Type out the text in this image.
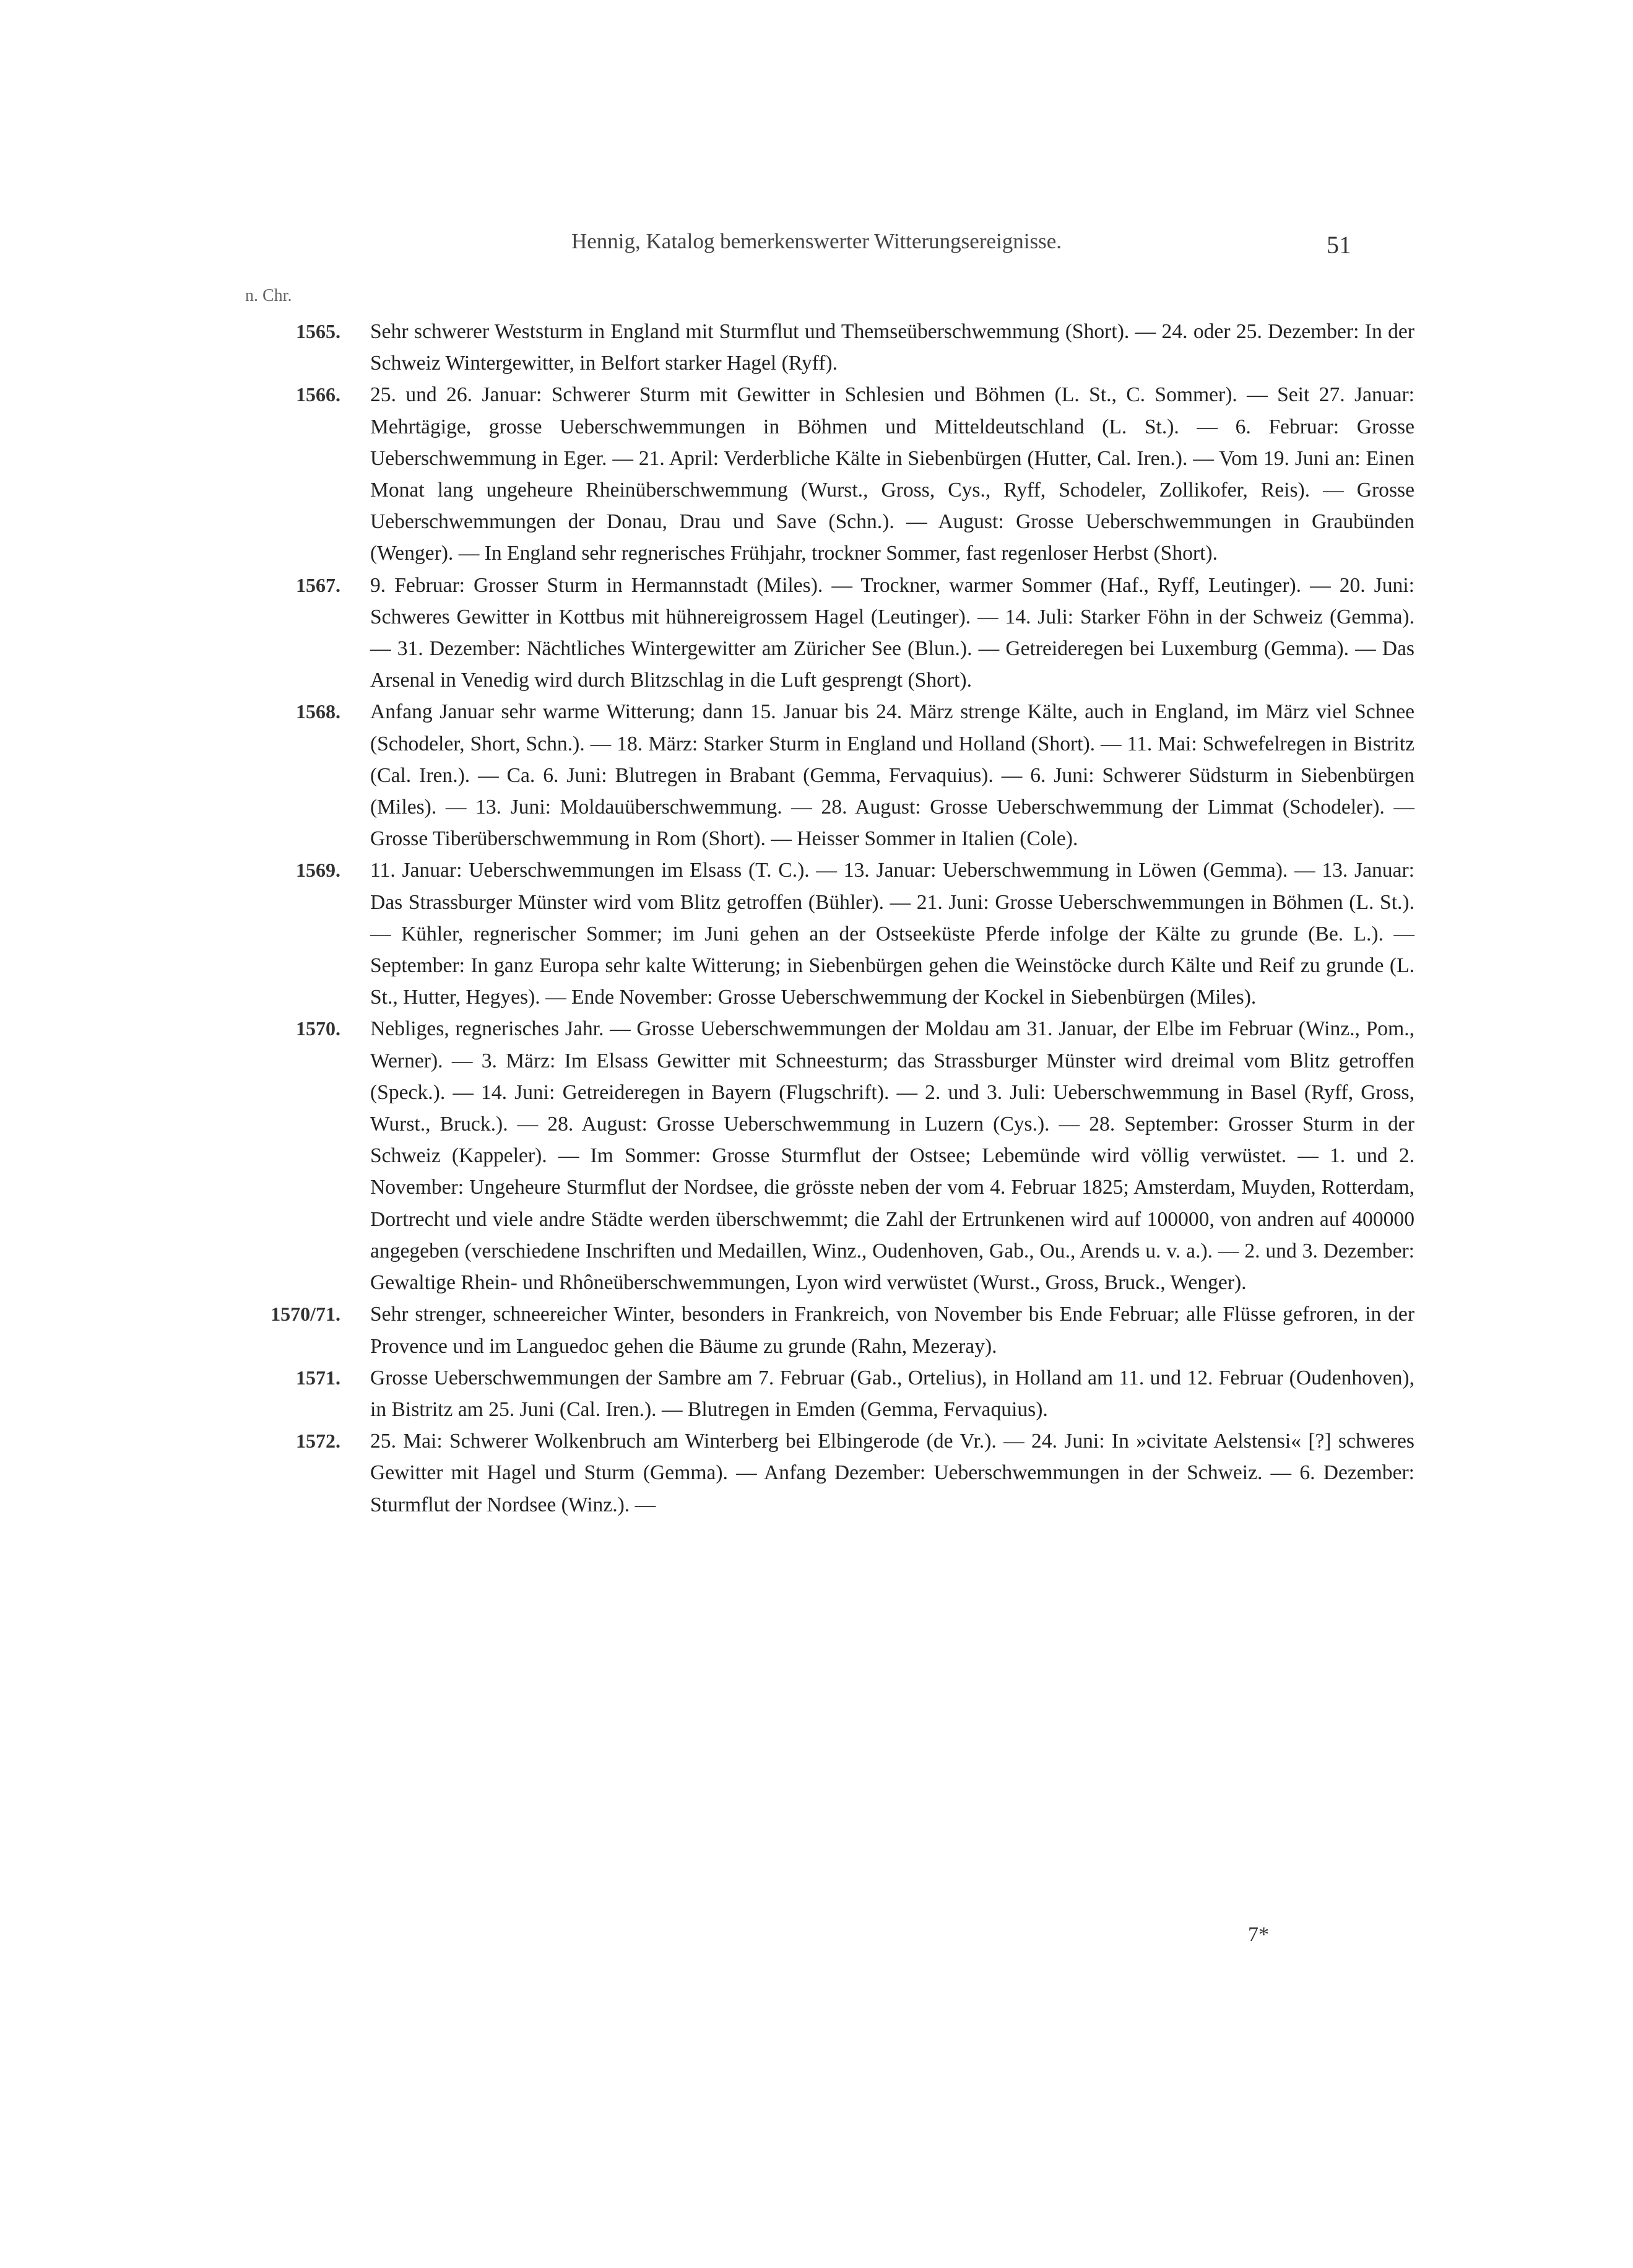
Hennig, Katalog bemerkenswerter Witterungsereignisse.	51
n. Chr.
1565. Sehr schwerer Weststurm in England mit Sturmflut und Themseüberschwemmung (Short). — 24. oder 25. Dezember: In der Schweiz Wintergewitter, in Belfort starker Hagel (Ryff).

1566. 25. und 26. Januar: Schwerer Sturm mit Gewitter in Schlesien und Böhmen (L. St., C. Sommer). — Seit 27. Januar: Mehrtägige, grosse Ueberschwemmungen in Böhmen und Mitteldeutschland (L. St.). — 6. Februar: Grosse Ueberschwemmung in Eger. — 21. April: Verderbliche Kälte in Siebenbürgen (Hutter, Cal. Iren.). — Vom 19. Juni an: Einen Monat lang ungeheure Rheinüberschwemmung (Wurst., Gross, Cys., Ryff, Schodeler, Zollikofer, Reis). — Grosse Ueberschwemmungen der Donau, Drau und Save (Schn.). — August: Grosse Ueberschwemmungen in Graubünden (Wenger). — In England sehr regnerisches Frühjahr, trockner Sommer, fast regenloser Herbst (Short).

1567. 9. Februar: Grosser Sturm in Hermannstadt (Miles). — Trockner, warmer Sommer (Haf., Ryff, Leutinger). — 20. Juni: Schweres Gewitter in Kottbus mit hühnereigrossem Hagel (Leutinger). — 14. Juli: Starker Föhn in der Schweiz (Gemma). — 31. Dezember: Nächtliches Wintergewitter am Züricher See (Blun.). — Getreideregen bei Luxemburg (Gemma). — Das Arsenal in Venedig wird durch Blitzschlag in die Luft gesprengt (Short).

1568. Anfang Januar sehr warme Witterung; dann 15. Januar bis 24. März strenge Kälte, auch in England, im März viel Schnee (Schodeler, Short, Schn.). — 18. März: Starker Sturm in England und Holland (Short). — 11. Mai: Schwefelregen in Bistritz (Cal. Iren.). — Ca. 6. Juni: Blutregen in Brabant (Gemma, Fervaquius). — 6. Juni: Schwerer Südsturm in Siebenbürgen (Miles). — 13. Juni: Moldauüberschwemmung. — 28. August: Grosse Ueberschwemmung der Limmat (Schodeler). — Grosse Tiberüberschwemmung in Rom (Short). — Heisser Sommer in Italien (Cole).

1569. 11. Januar: Ueberschwemmungen im Elsass (T. C.). — 13. Januar: Ueberschwemmung in Löwen (Gemma). — 13. Januar: Das Strassburger Münster wird vom Blitz getroffen (Bühler). — 21. Juni: Grosse Ueberschwemmungen in Böhmen (L. St.). — Kühler, regnerischer Sommer; im Juni gehen an der Ostseeküste Pferde infolge der Kälte zu grunde (Be. L.). — September: In ganz Europa sehr kalte Witterung; in Siebenbürgen gehen die Weinstöcke durch Kälte und Reif zu grunde (L. St., Hutter, Hegyes). — Ende November: Grosse Ueberschwemmung der Kockel in Siebenbürgen (Miles).

1570. Nebliges, regnerisches Jahr. — Grosse Ueberschwemmungen der Moldau am 31. Januar, der Elbe im Februar (Winz., Pom., Werner). — 3. März: Im Elsass Gewitter mit Schneesturm; das Strassburger Münster wird dreimal vom Blitz getroffen (Speck.). — 14. Juni: Getreideregen in Bayern (Flugschrift). — 2. und 3. Juli: Ueberschwemmung in Basel (Ryff, Gross, Wurst., Bruck.). — 28. August: Grosse Ueberschwemmung in Luzern (Cys.). — 28. September: Grosser Sturm in der Schweiz (Kappeler). — Im Sommer: Grosse Sturmflut der Ostsee; Lebemünde wird völlig verwüstet. — 1. und 2. November: Ungeheure Sturmflut der Nordsee, die grösste neben der vom 4. Februar 1825; Amsterdam, Muyden, Rotterdam, Dortrecht und viele andre Städte werden überschwemmt; die Zahl der Ertrunkenen wird auf 100000, von andren auf 400000 angegeben (verschiedene Inschriften und Medaillen, Winz., Oudenhoven, Gab., Ou., Arends u. v. a.). — 2. und 3. Dezember: Gewaltige Rhein- und Rhôneüberschwemmungen, Lyon wird verwüstet (Wurst., Gross, Bruck., Wenger).

1570/71. Sehr strenger, schneereicher Winter, besonders in Frankreich, von November bis Ende Februar; alle Flüsse gefroren, in der Provence und im Languedoc gehen die Bäume zu grunde (Rahn, Mezeray).

1571. Grosse Ueberschwemmungen der Sambre am 7. Februar (Gab., Ortelius), in Holland am 11. und 12. Februar (Oudenhoven), in Bistritz am 25. Juni (Cal. Iren.). — Blutregen in Emden (Gemma, Fervaquius).

1572. 25. Mai: Schwerer Wolkenbruch am Winterberg bei Elbingerode (de Vr.). — 24. Juni: In »civitate Aelstensi« [?] schweres Gewitter mit Hagel und Sturm (Gemma). — Anfang Dezember: Ueberschwemmungen in der Schweiz. — 6. Dezember: Sturmflut der Nordsee (Winz.). —

7*
